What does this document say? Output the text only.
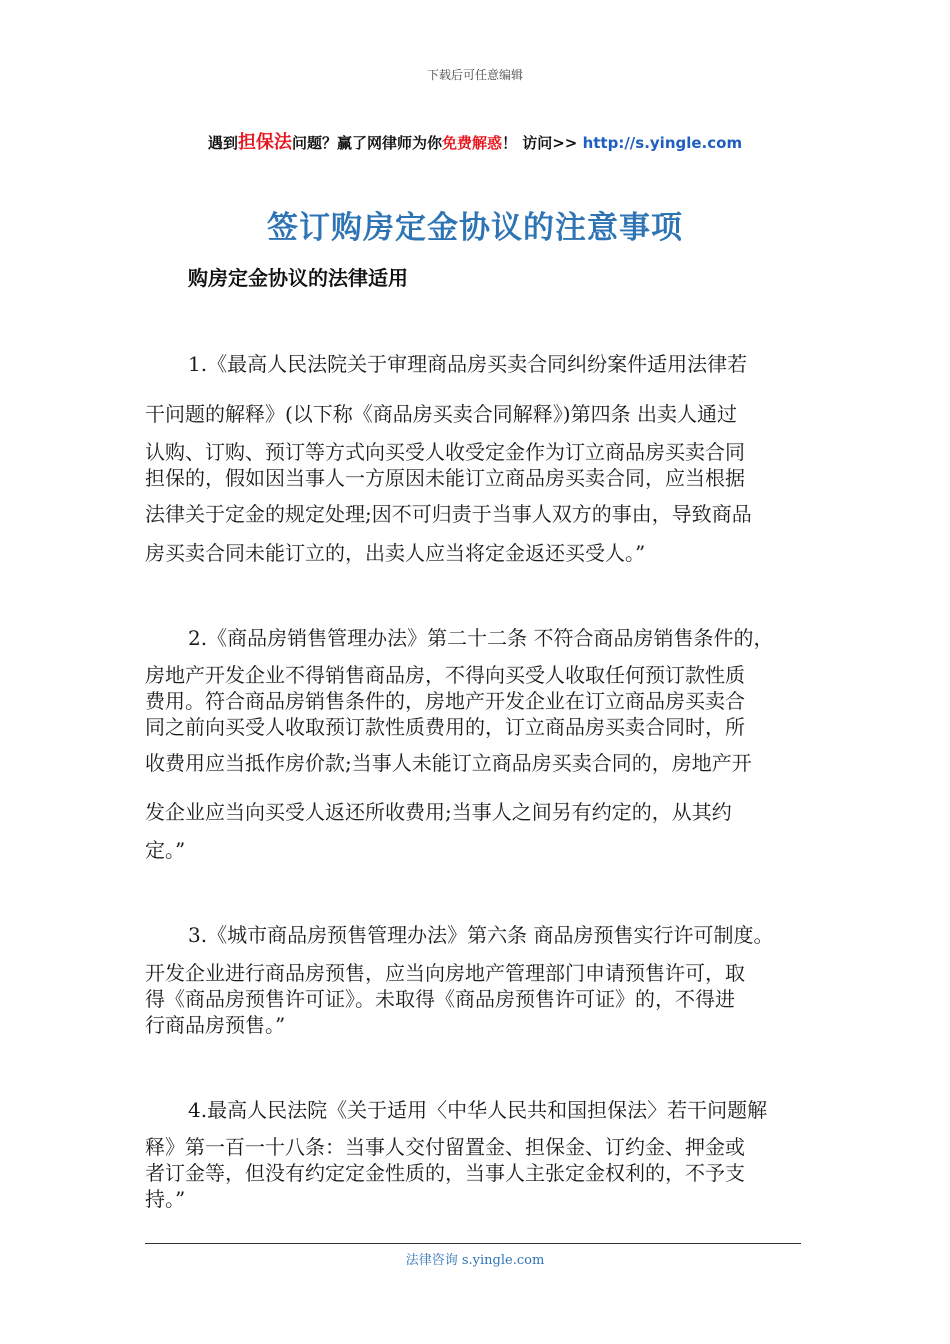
下载后可任意编辑
遇到担保法问题？赢了网律师为你免费解惑！ 访问>> http://s.yingle.com
签订购房定金协议的注意事项
购房定金协议的法律适用
1.《最高人民法院关于审理商品房买卖合同纠纷案件适用法律若
干问题的解释》(以下称《商品房买卖合同解释》)第四条 出卖人通过
认购、订购、预订等方式向买受人收受定金作为订立商品房买卖合同
担保的，假如因当事人一方原因未能订立商品房买卖合同，应当根据
法律关于定金的规定处理;因不可归责于当事人双方的事由，导致商品
房买卖合同未能订立的，出卖人应当将定金返还买受人。”
2.《商品房销售管理办法》第二十二条 不符合商品房销售条件的，
房地产开发企业不得销售商品房，不得向买受人收取任何预订款性质
费用。符合商品房销售条件的，房地产开发企业在订立商品房买卖合
同之前向买受人收取预订款性质费用的，订立商品房买卖合同时，所
收费用应当抵作房价款;当事人未能订立商品房买卖合同的，房地产开
发企业应当向买受人返还所收费用;当事人之间另有约定的，从其约
定。”
3.《城市商品房预售管理办法》第六条 商品房预售实行许可制度。
开发企业进行商品房预售，应当向房地产管理部门申请预售许可，取
得《商品房预售许可证》。未取得《商品房预售许可证》的，不得进
行商品房预售。”
4.最高人民法院《关于适用〈中华人民共和国担保法〉若干问题解
释》第一百一十八条：当事人交付留置金、担保金、订约金、押金或
者订金等，但没有约定定金性质的，当事人主张定金权利的，不予支
持。”
法律咨询 s.yingle.com
